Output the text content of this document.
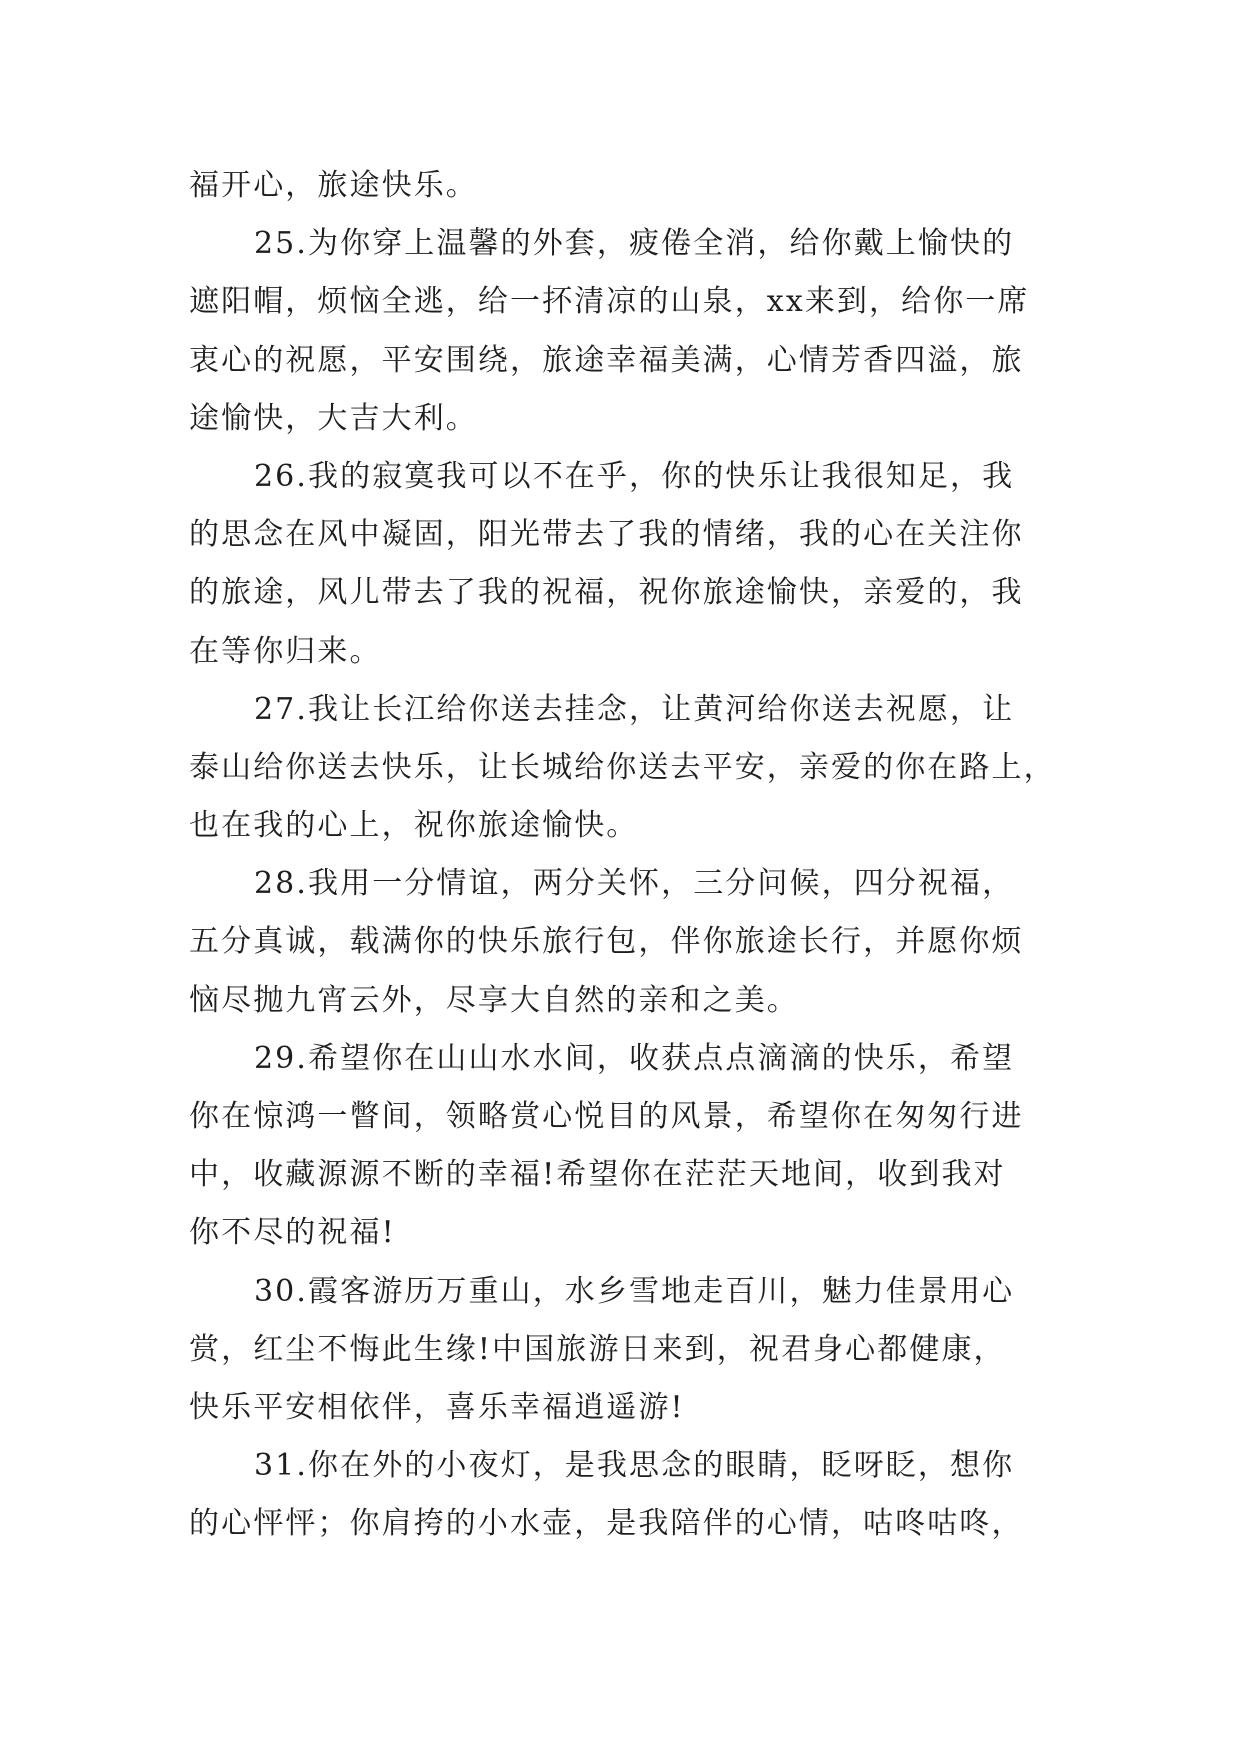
福开心，旅途快乐。
25.为你穿上温馨的外套，疲倦全消，给你戴上愉快的
遮阳帽，烦恼全逃，给一抔清凉的山泉，xx来到，给你一席
衷心的祝愿，平安围绕，旅途幸福美满，心情芳香四溢，旅
途愉快，大吉大利。
26.我的寂寞我可以不在乎，你的快乐让我很知足，我
的思念在风中凝固，阳光带去了我的情绪，我的心在关注你
的旅途，风儿带去了我的祝福，祝你旅途愉快，亲爱的，我
在等你归来。
27.我让长江给你送去挂念，让黄河给你送去祝愿，让
泰山给你送去快乐，让长城给你送去平安，亲爱的你在路上，
也在我的心上，祝你旅途愉快。
28.我用一分情谊，两分关怀，三分问候，四分祝福，
五分真诚，载满你的快乐旅行包，伴你旅途长行，并愿你烦
恼尽抛九宵云外，尽享大自然的亲和之美。
29.希望你在山山水水间，收获点点滴滴的快乐，希望
你在惊鸿一瞥间，领略赏心悦目的风景，希望你在匆匆行进
中，收藏源源不断的幸福!希望你在茫茫天地间，收到我对
你不尽的祝福!
30.霞客游历万重山，水乡雪地走百川，魅力佳景用心
赏，红尘不悔此生缘!中国旅游日来到，祝君身心都健康，
快乐平安相依伴，喜乐幸福逍遥游!
31.你在外的小夜灯，是我思念的眼睛，眨呀眨，想你
的心怦怦；你肩挎的小水壶，是我陪伴的心情，咕咚咕咚，
